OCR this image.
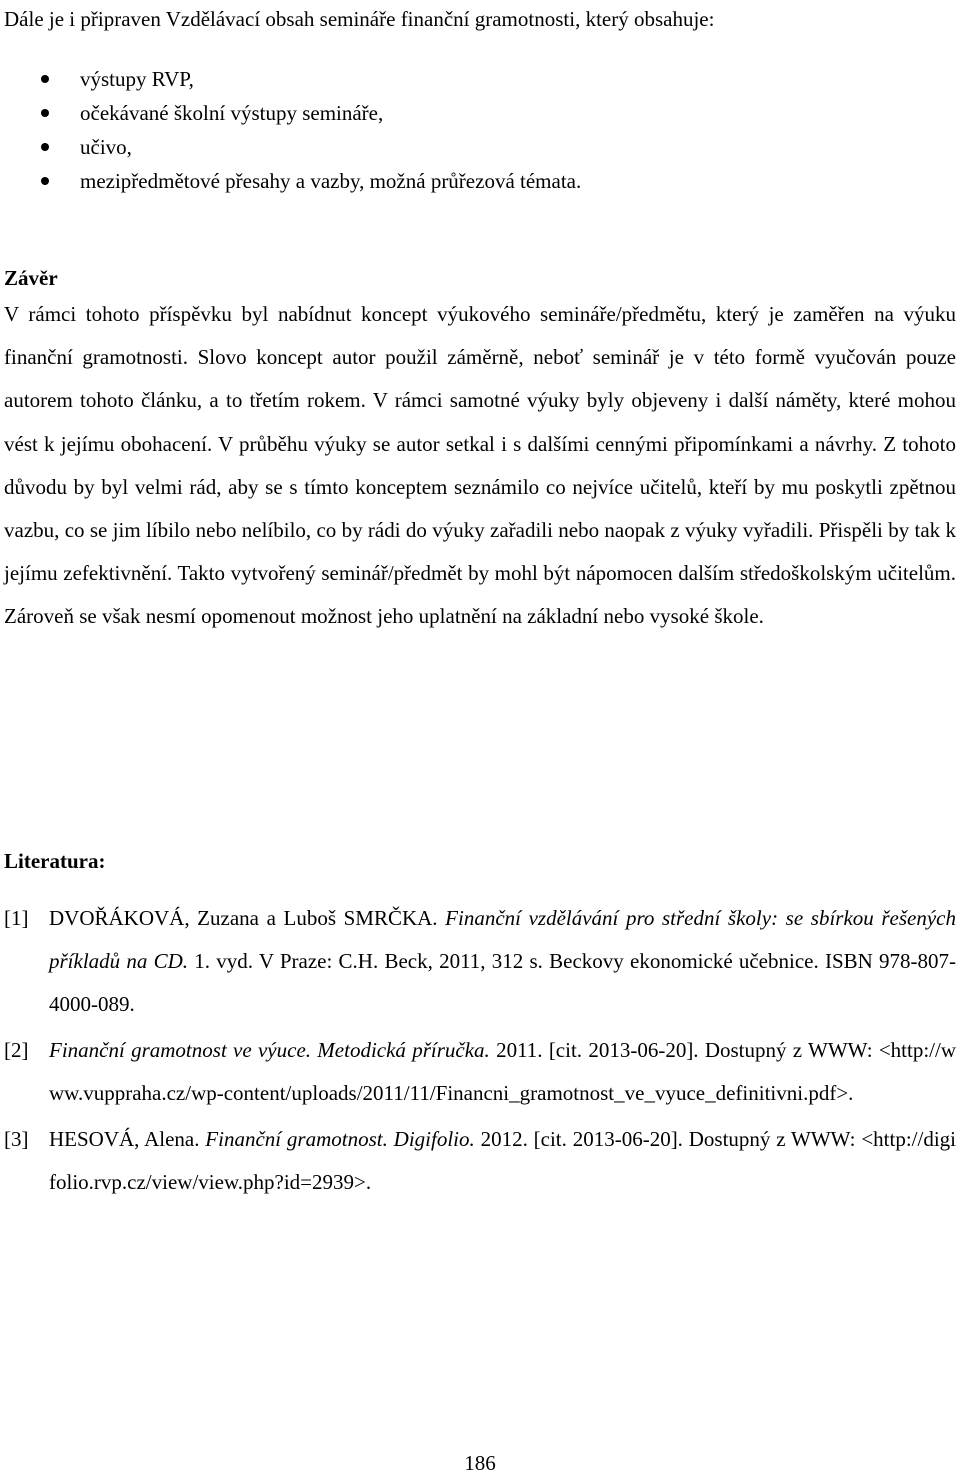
Dále je i připraven Vzdělávací obsah semináře finanční gramotnosti, který obsahuje:

výstupy RVP,
očekávané školní výstupy semináře,
učivo,
mezipředmětové přesahy a vazby, možná průřezová témata.
Závěr

V rámci tohoto příspěvku byl nabídnut koncept výukového semináře/předmětu, který je zaměřen na výuku finanční gramotnosti. Slovo koncept autor použil záměrně, neboť seminář je v této formě vyučován pouze autorem tohoto článku, a to třetím rokem. V rámci samotné výuky byly objeveny i další náměty, které mohou vést k jejímu obohacení. V průběhu výuky se autor setkal i s dalšími cennými připomínkami a návrhy. Z tohoto důvodu by byl velmi rád, aby se s tímto konceptem seznámilo co nejvíce učitelů, kteří by mu poskytli zpětnou vazbu, co se jim líbilo nebo nelíbilo, co by rádi do výuky zařadili nebo naopak z výuky vyřadili. Přispěli by tak k jejímu zefektivnění. Takto vytvořený seminář/předmět by mohl být nápomocen dalším středoškolským učitelům. Zároveň se však nesmí opomenout možnost jeho uplatnění na základní nebo vysoké škole.

Literatura:
[1] DVOŘÁKOVÁ, Zuzana a Luboš SMRČKA. Finanční vzdělávání pro střední školy: se sbírkou řešených příkladů na CD. 1. vyd. V Praze: C.H. Beck, 2011, 312 s. Beckovy ekonomické učebnice. ISBN 978-807-4000-089.
[2] Finanční gramotnost ve výuce. Metodická příručka. 2011. [cit. 2013-06-20]. Dostupný z WWW: <http://www.vuppraha.cz/wp-content/uploads/2011/11/Financni_gramotnost_ve_vyuce_definitivni.pdf>.
[3] HESOVÁ, Alena. Finanční gramotnost. Digifolio. 2012. [cit. 2013-06-20]. Dostupný z WWW: <http://digifolio.rvp.cz/view/view.php?id=2939>.
186
